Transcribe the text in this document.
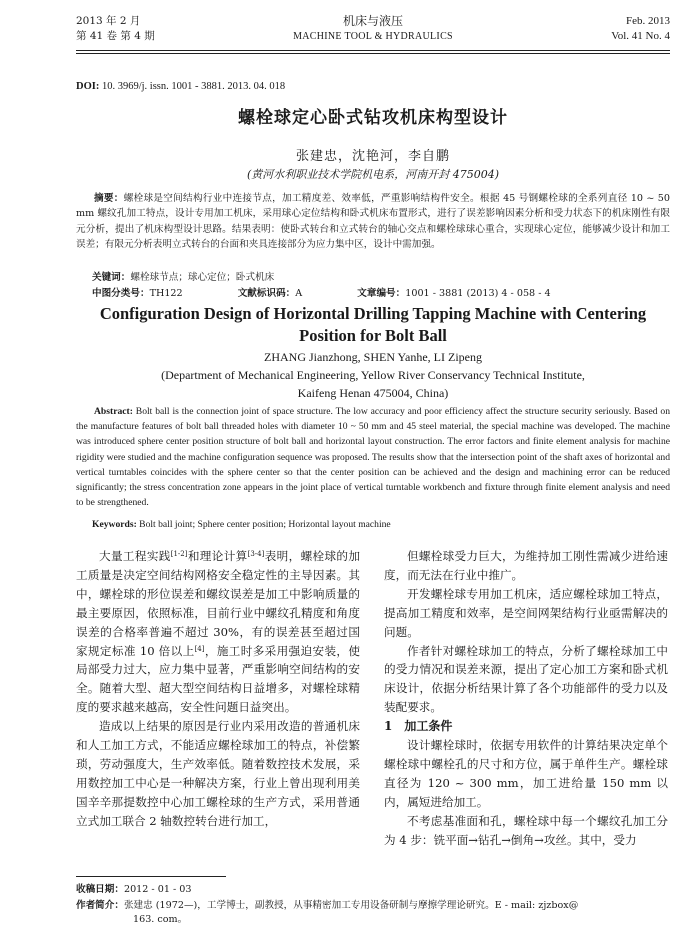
2013 年 2 月
第 41 卷 第 4 期
机床与液压
MACHINE TOOL & HYDRAULICS
Feb. 2013
Vol. 41 No. 4
DOI: 10. 3969/j. issn. 1001 - 3881. 2013. 04. 018
螺栓球定心卧式钻攻机床构型设计
张建忠，沈艳河，李自鹏
(黄河水利职业技术学院机电系，河南开封 475004)
摘要：螺栓球是空间结构行业中连接节点，加工精度差、效率低，严重影响结构件安全。根据 45 号钢螺栓球的全系列直径 10 ~ 50 mm 螺纹孔加工特点，设计专用加工机床，采用球心定位结构和卧式机床布置形式，进行了误差影响因素分析和受力状态下的机床刚性有限元分析，提出了机床构型设计思路。结果表明：使卧式转台和立式转台的轴心交点和螺栓球球心重合，实现球心定位，能够减少设计和加工误差；有限元分析表明立式转台的台面和夹具连接部分为应力集中区，设计中需加强。
关键词：螺栓球节点；球心定位；卧式机床
中图分类号：TH122	文献标识码：A	文章编号：1001 - 3881 (2013) 4 - 058 - 4
Configuration Design of Horizontal Drilling Tapping Machine with Centering
Position for Bolt Ball
ZHANG Jianzhong, SHEN Yanhe, LI Zipeng
(Department of Mechanical Engineering, Yellow River Conservancy Technical Institute,
Kaifeng Henan 475004, China)
Abstract: Bolt ball is the connection joint of space structure. The low accuracy and poor efficiency affect the structure security seriously. Based on the manufacture features of bolt ball threaded holes with diameter 10 ~ 50 mm and 45 steel material, the special machine was developed. The machine was introduced sphere center position structure of bolt ball and horizontal layout construction. The error factors and finite element analysis for machine rigidity were studied and the machine configuration sequence was proposed. The results show that the intersection point of the shaft axes of horizontal and vertical turntables coincides with the sphere center so that the center position can be achieved and the design and machining error can be reduced significantly; the stress concentration zone appears in the joint place of vertical turntable workbench and fixture through finite element analysis and need to be strengthened.
Keywords: Bolt ball joint; Sphere center position; Horizontal layout machine

大量工程实践[1-2]和理论计算[3-4]表明，螺栓球的加工质量是决定空间结构网格安全稳定性的主导因素。其中，螺栓球的形位误差和螺纹误差是加工中影响质量的最主要原因，依照标准，目前行业中螺纹孔精度和角度误差的合格率普遍不超过 30%，有的误差甚至超过国家规定标准 10 倍以上[4]，施工时多采用强迫安装，使局部受力过大，应力集中显著，严重影响空间结构的安全。随着大型、超大型空间结构日益增多，对螺栓球精度的要求越来越高，安全性问题日益突出。

造成以上结果的原因是行业内采用改造的普通机床和人工加工方式，不能适应螺栓球加工的特点，补偿繁琐，劳动强度大，生产效率低。随着数控技术发展，采用数控加工中心是一种解决方案，行业上曾出现利用美国辛辛那提数控中心加工螺栓球的生产方式，采用普通立式加工联合 2 轴数控转台进行加工，

但螺栓球受力巨大，为维持加工刚性需减少进给速度，而无法在行业中推广。

开发螺栓球专用加工机床，适应螺栓球加工特点，提高加工精度和效率，是空间网架结构行业亟需解决的问题。

作者针对螺栓球加工的特点，分析了螺栓球加工中的受力情况和误差来源，提出了定心加工方案和卧式机床设计，依据分析结果计算了各个功能部件的受力以及装配要求。

1　加工条件

设计螺栓球时，依据专用软件的计算结果决定单个螺栓球中螺栓孔的尺寸和方位，属于单件生产。螺栓球直径为 120 ~ 300 mm，加工进给量 150 mm 以内，属短进给加工。

不考虑基准面和孔，螺栓球中每一个螺纹孔加工分为 4 步：铣平面→钻孔→倒角→攻丝。其中，受力

收稿日期：2012 - 01 - 03
作者简介：张建忠 (1972—)，工学博士，副教授，从事精密加工专用设备研制与摩擦学理论研究。E - mail: zjzbox@
163. com。
